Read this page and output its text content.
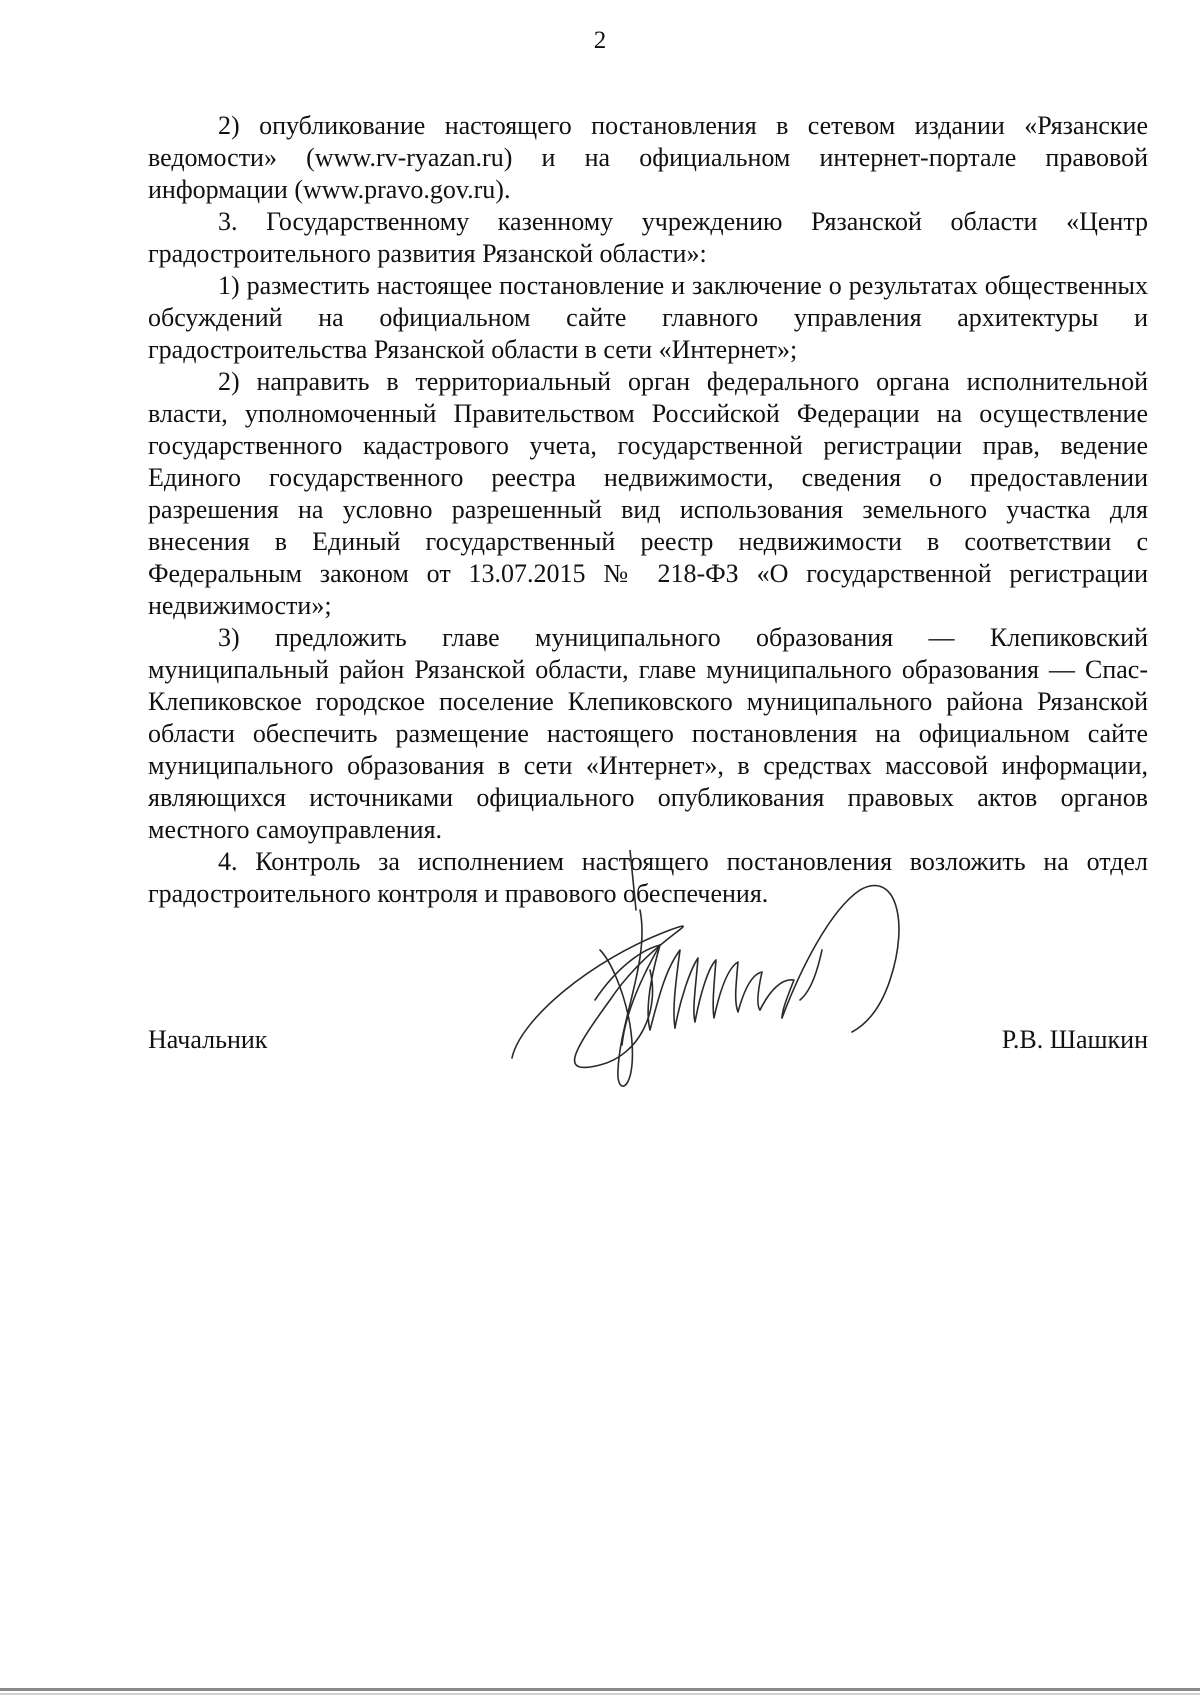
2

2) опубликование настоящего постановления в сетевом издании «Рязанские ведомости» (www.rv-ryazan.ru) и на официальном интернет-портале правовой информации (www.pravo.gov.ru).

3. Государственному казенному учреждению Рязанской области «Центр градостроительного развития Рязанской области»:

1) разместить настоящее постановление и заключение о результатах общественных обсуждений на официальном сайте главного управления архитектуры и градостроительства Рязанской области в сети «Интернет»;

2) направить в территориальный орган федерального органа исполнительной власти, уполномоченный Правительством Российской Федерации на осуществление государственного кадастрового учета, государственной регистрации прав, ведение Единого государственного реестра недвижимости, сведения о предоставлении разрешения на условно разрешенный вид использования земельного участка для внесения в Единый государственный реестр недвижимости в соответствии с Федеральным законом от 13.07.2015 № 218-ФЗ «О государственной регистрации недвижимости»;

3) предложить главе муниципального образования — Клепиковский муниципальный район Рязанской области, главе муниципального образования — Спас-Клепиковское городское поселение Клепиковского муниципального района Рязанской области обеспечить размещение настоящего постановления на официальном сайте муниципального образования в сети «Интернет», в средствах массовой информации, являющихся источниками официального опубликования правовых актов органов местного самоуправления.

4. Контроль за исполнением настоящего постановления возложить на отдел градостроительного контроля и правового обеспечения.

Начальник	Р.В. Шашкин
